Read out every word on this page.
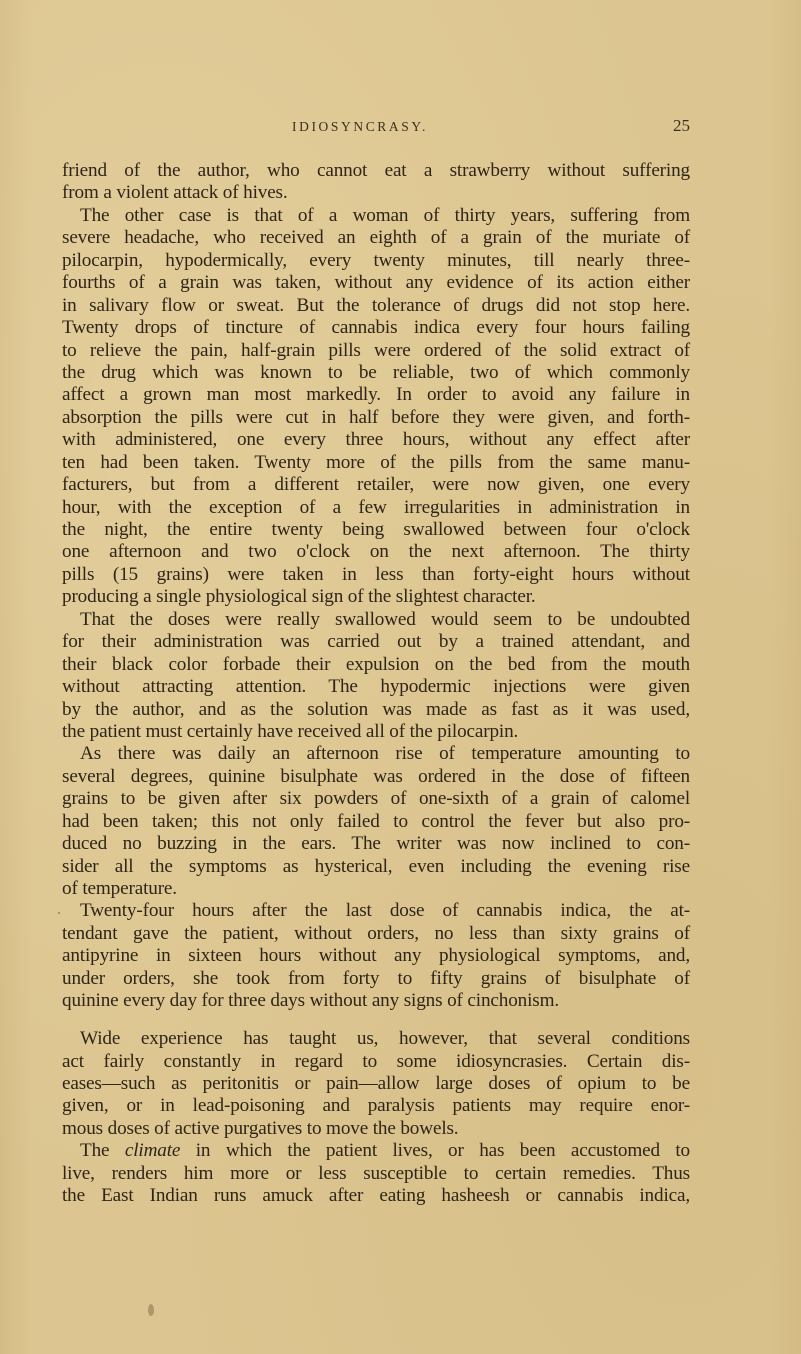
IDIOSYNCRASY.	25
friend of the author, who cannot eat a strawberry without suffering
from a violent attack of hives.
The other case is that of a woman of thirty years, suffering from
severe headache, who received an eighth of a grain of the muriate of
pilocarpin, hypodermically, every twenty minutes, till nearly three-
fourths of a grain was taken, without any evidence of its action either
in salivary flow or sweat. But the tolerance of drugs did not stop here.
Twenty drops of tincture of cannabis indica every four hours failing
to relieve the pain, half-grain pills were ordered of the solid extract of
the drug which was known to be reliable, two of which commonly
affect a grown man most markedly. In order to avoid any failure in
absorption the pills were cut in half before they were given, and forth-
with administered, one every three hours, without any effect after
ten had been taken. Twenty more of the pills from the same manu-
facturers, but from a different retailer, were now given, one every
hour, with the exception of a few irregularities in administration in
the night, the entire twenty being swallowed between four o'clock
one afternoon and two o'clock on the next afternoon. The thirty
pills (15 grains) were taken in less than forty-eight hours without
producing a single physiological sign of the slightest character.
That the doses were really swallowed would seem to be undoubted
for their administration was carried out by a trained attendant, and
their black color forbade their expulsion on the bed from the mouth
without attracting attention. The hypodermic injections were given
by the author, and as the solution was made as fast as it was used,
the patient must certainly have received all of the pilocarpin.
As there was daily an afternoon rise of temperature amounting to
several degrees, quinine bisulphate was ordered in the dose of fifteen
grains to be given after six powders of one-sixth of a grain of calomel
had been taken; this not only failed to control the fever but also pro-
duced no buzzing in the ears. The writer was now inclined to con-
sider all the symptoms as hysterical, even including the evening rise
of temperature.
Twenty-four hours after the last dose of cannabis indica, the at-
tendant gave the patient, without orders, no less than sixty grains of
antipyrine in sixteen hours without any physiological symptoms, and,
under orders, she took from forty to fifty grains of bisulphate of
quinine every day for three days without any signs of cinchonism.
Wide experience has taught us, however, that several conditions
act fairly constantly in regard to some idiosyncrasies. Certain dis-
eases—such as peritonitis or pain—allow large doses of opium to be
given, or in lead-poisoning and paralysis patients may require enor-
mous doses of active purgatives to move the bowels.
The climate in which the patient lives, or has been accustomed to
live, renders him more or less susceptible to certain remedies. Thus
the East Indian runs amuck after eating hasheesh or cannabis indica,
